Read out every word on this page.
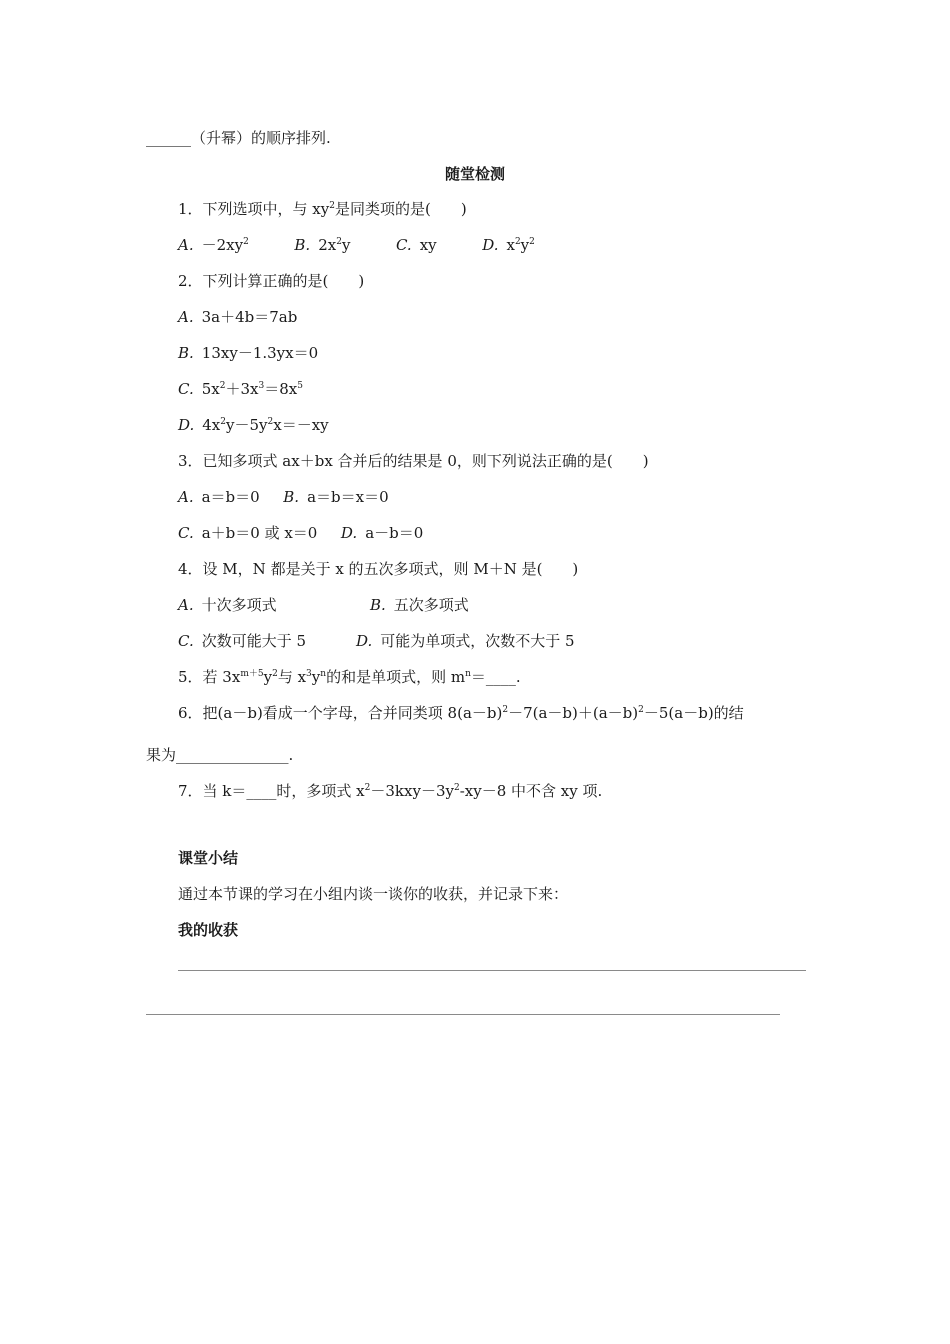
______（升幂）的顺序排列.
随堂检测
1．下列选项中，与 $xy^2$是同类项的是(　　)
A. $-2xy^2$	B. $2x^2y$	C. xy	D. $x^2y^2$
2．下列计算正确的是(　　)
A. 3a＋4b＝7ab
B. 13xy－1.3yx＝0
C. $5x^2+3x^3=8x^5$
D. $4x^2y-5y^2x=-xy$
3．已知多项式 ax＋bx 合并后的结果是 0，则下列说法正确的是(　　)
A. a＝b＝0 B. a＝b＝x＝0
C. a＋b＝0 或 x＝0 D. a－b＝0
4．设 M，N 都是关于 x 的五次多项式，则 M＋N 是(　　)
A. 十次多项式	B. 五次多项式
C. 次数可能大于 5	D. 可能为单项式，次数不大于 5
5．若 $3x^{m+5}y^2$与 $x^3y^n$的和是单项式，则 $m^n=\_\_\_\_$.
6．把(a－b)看成一个字母，合并同类项 $8(a-b)^2-7(a-b)+(a-b)^2-5(a-b)$的结
果为_______________.
7．当 k＝____时，多项式 $x^2-3kxy-3y^2-xy-8$ 中不含 xy 项.
课堂小结
通过本节课的学习在小组内谈一谈你的收获，并记录下来：
我的收获
